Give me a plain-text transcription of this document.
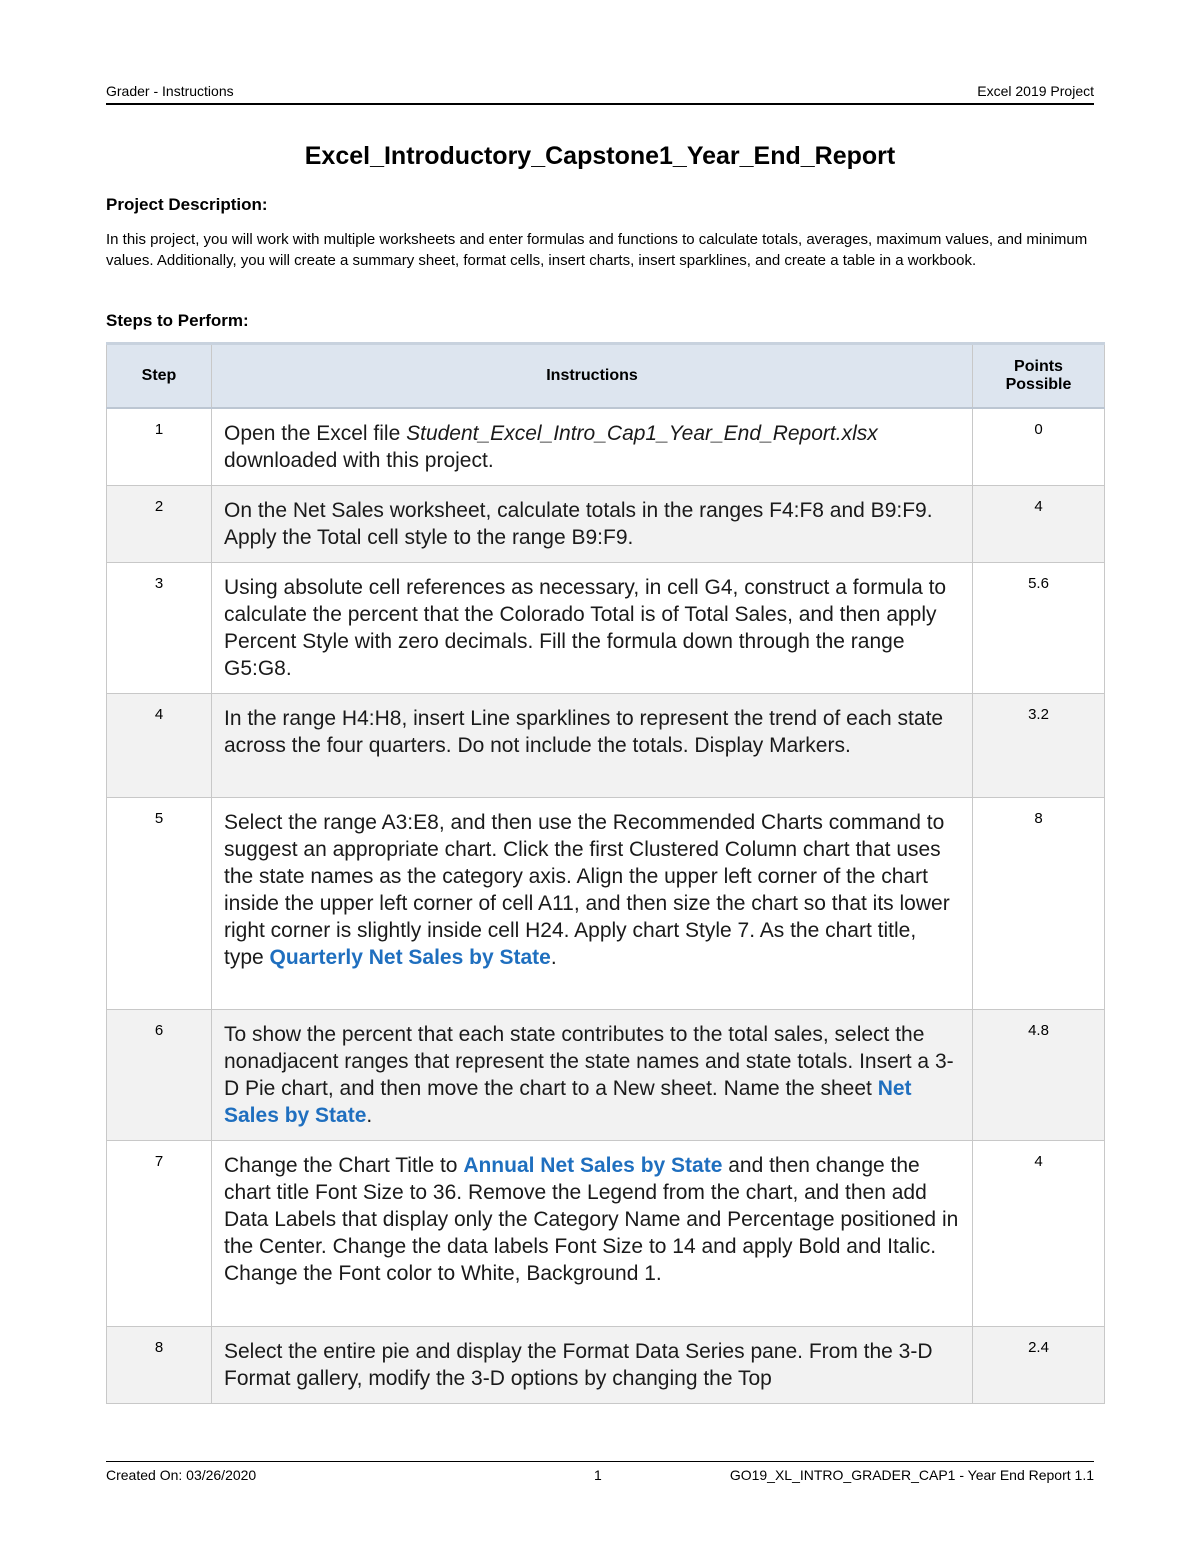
Grader - Instructions	Excel 2019 Project
Excel_Introductory_Capstone1_Year_End_Report
Project Description:
In this project, you will work with multiple worksheets and enter formulas and functions to calculate totals, averages, maximum values, and minimum values. Additionally, you will create a summary sheet, format cells, insert charts, insert sparklines, and create a table in a workbook.
Steps to Perform:
Step	Instructions	Points
Possible
1	Open the Excel file Student_Excel_Intro_Cap1_Year_End_Report.xlsx downloaded with this project.	0
2	On the Net Sales worksheet, calculate totals in the ranges F4:F8 and B9:F9. Apply the Total cell style to the range B9:F9.	4
3	Using absolute cell references as necessary, in cell G4, construct a formula to calculate the percent that the Colorado Total is of Total Sales, and then apply Percent Style with zero decimals. Fill the formula down through the range G5:G8.	5.6
4	In the range H4:H8, insert Line sparklines to represent the trend of each state across the four quarters. Do not include the totals. Display Markers.	3.2
5	Select the range A3:E8, and then use the Recommended Charts command to suggest an appropriate chart. Click the first Clustered Column chart that uses the state names as the category axis. Align the upper left corner of the chart inside the upper left corner of cell A11, and then size the chart so that its lower right corner is slightly inside cell H24. Apply chart Style 7. As the chart title, type Quarterly Net Sales by State.	8
6	To show the percent that each state contributes to the total sales, select the nonadjacent ranges that represent the state names and state totals. Insert a 3-D Pie chart, and then move the chart to a New sheet. Name the sheet Net Sales by State.	4.8
7	Change the Chart Title to Annual Net Sales by State and then change the chart title Font Size to 36. Remove the Legend from the chart, and then add Data Labels that display only the Category Name and Percentage positioned in the Center. Change the data labels Font Size to 14 and apply Bold and Italic. Change the Font color to White, Background 1.	4
8	Select the entire pie and display the Format Data Series pane. From the 3-D Format gallery, modify the 3-D options by changing the Top	2.4
Created On: 03/26/2020	1	GO19_XL_INTRO_GRADER_CAP1 - Year End Report 1.1
